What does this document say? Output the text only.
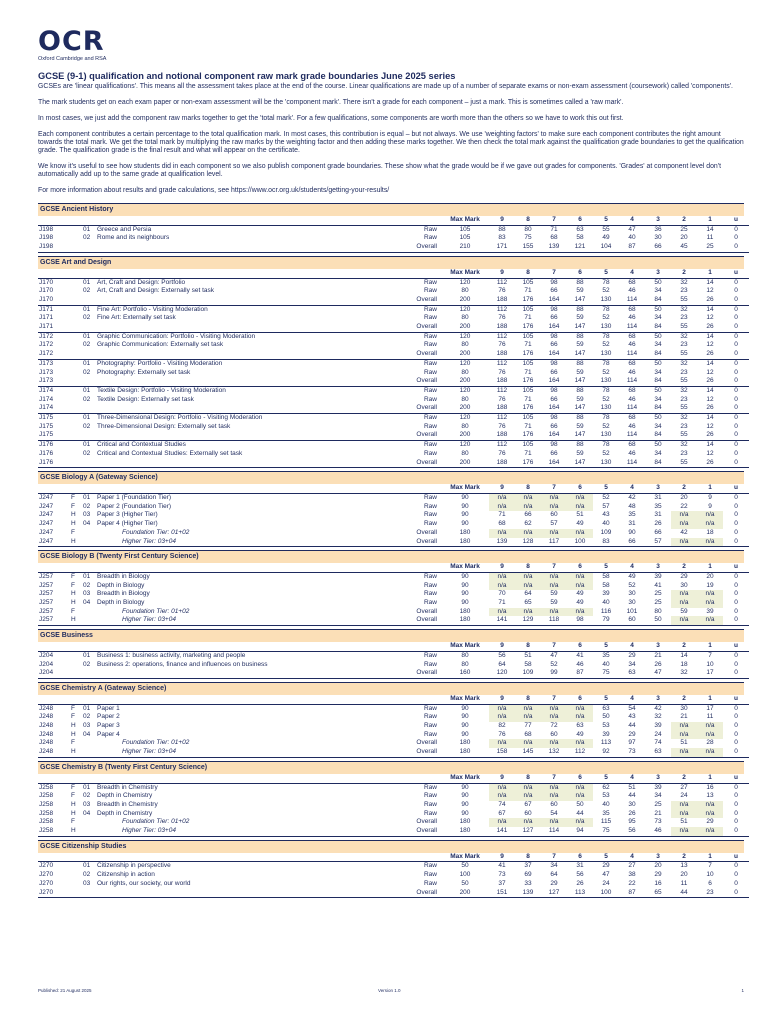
OCR
Oxford Cambridge and RSA
GCSE (9-1) qualification and notional component raw mark grade boundaries June 2025 series

GCSEs are 'linear qualifications'. This means all the assessment takes place at the end of the course. Linear qualifications are made up of a number of separate exams or non-exam assessment (coursework) called 'components'.

The mark students get on each exam paper or non-exam assessment will be the 'component mark'. There isn't a grade for each component – just a mark. This is sometimes called a 'raw mark'.

In most cases, we just add the component raw marks together to get the 'total mark'. For a few qualifications, some components are worth more than the others so we have to work this out first.

Each component contributes a certain percentage to the total qualification mark. In most cases, this contribution is equal – but not always. We use 'weighting factors' to make sure each component contributes the right amount towards the total mark. We get the total mark by multiplying the raw marks by the weighting factor and then adding these marks together. We then check the total mark against the qualification grade boundaries to get the qualification grade. The qualification grade is the final result and what will appear on the certificate.

We know it's useful to see how students did in each component so we also publish component grade boundaries. These show what the grade would be if we gave out grades for components. 'Grades' at component level don't automatically add up to the same grade at qualification level.

For more information about results and grade calculations, see https://www.ocr.org.uk/students/getting-your-results/

GCSE Ancient History
					Max Mark	9	8	7	6	5	4	3	2	1	u
J198		01	Greece and Persia	Raw	105	88	80	71	63	55	47	36	25	14	0
J198		02	Rome and its neighbours	Raw	105	83	75	68	58	49	40	30	20	11	0
J198				Overall	210	171	155	139	121	104	87	66	45	25	0
GCSE Art and Design
					Max Mark	9	8	7	6	5	4	3	2	1	u
J170		01	Art, Craft and Design: Portfolio	Raw	120	112	105	98	88	78	68	50	32	14	0
J170		02	Art, Craft and Design: Externally set task	Raw	80	76	71	66	59	52	46	34	23	12	0
J170				Overall	200	188	176	164	147	130	114	84	55	26	0
J171		01	Fine Art: Portfolio - Visiting Moderation	Raw	120	112	105	98	88	78	68	50	32	14	0
J171		02	Fine Art: Externally set task	Raw	80	76	71	66	59	52	46	34	23	12	0
J171				Overall	200	188	176	164	147	130	114	84	55	26	0
J172		01	Graphic Communication: Portfolio - Visiting Moderation	Raw	120	112	105	98	88	78	68	50	32	14	0
J172		02	Graphic Communication: Externally set task	Raw	80	76	71	66	59	52	46	34	23	12	0
J172				Overall	200	188	176	164	147	130	114	84	55	26	0
J173		01	Photography: Portfolio - Visiting Moderation	Raw	120	112	105	98	88	78	68	50	32	14	0
J173		02	Photography: Externally set task	Raw	80	76	71	66	59	52	46	34	23	12	0
J173				Overall	200	188	176	164	147	130	114	84	55	26	0
J174		01	Textile Design: Portfolio - Visiting Moderation	Raw	120	112	105	98	88	78	68	50	32	14	0
J174		02	Textile Design: Externally set task	Raw	80	76	71	66	59	52	46	34	23	12	0
J174				Overall	200	188	176	164	147	130	114	84	55	26	0
J175		01	Three-Dimensional Design: Portfolio - Visiting Moderation	Raw	120	112	105	98	88	78	68	50	32	14	0
J175		02	Three-Dimensional Design: Externally set task	Raw	80	76	71	66	59	52	46	34	23	12	0
J175				Overall	200	188	176	164	147	130	114	84	55	26	0
J176		01	Critical and Contextual Studies	Raw	120	112	105	98	88	78	68	50	32	14	0
J176		02	Critical and Contextual Studies: Externally set task	Raw	80	76	71	66	59	52	46	34	23	12	0
J176				Overall	200	188	176	164	147	130	114	84	55	26	0
GCSE Biology A (Gateway Science)
					Max Mark	9	8	7	6	5	4	3	2	1	u
J247	F	01	Paper 1 (Foundation Tier)	Raw	90	n/a	n/a	n/a	n/a	52	42	31	20	9	0
J247	F	02	Paper 2 (Foundation Tier)	Raw	90	n/a	n/a	n/a	n/a	57	48	35	22	9	0
J247	H	03	Paper 3 (Higher Tier)	Raw	90	71	66	60	51	43	35	31	n/a	n/a	0
J247	H	04	Paper 4 (Higher Tier)	Raw	90	68	62	57	49	40	31	26	n/a	n/a	0
J247	F		Foundation Tier: 01+02	Overall	180	n/a	n/a	n/a	n/a	109	90	66	42	18	0
J247	H		Higher Tier: 03+04	Overall	180	139	128	117	100	83	66	57	n/a	n/a	0
GCSE Biology B (Twenty First Century Science)
					Max Mark	9	8	7	6	5	4	3	2	1	u
J257	F	01	Breadth in Biology	Raw	90	n/a	n/a	n/a	n/a	58	49	39	29	20	0
J257	F	02	Depth in Biology	Raw	90	n/a	n/a	n/a	n/a	58	52	41	30	19	0
J257	H	03	Breadth in Biology	Raw	90	70	64	59	49	39	30	25	n/a	n/a	0
J257	H	04	Depth in Biology	Raw	90	71	65	59	49	40	30	25	n/a	n/a	0
J257	F		Foundation Tier: 01+02	Overall	180	n/a	n/a	n/a	n/a	116	101	80	59	39	0
J257	H		Higher Tier: 03+04	Overall	180	141	129	118	98	79	60	50	n/a	n/a	0
GCSE Business
					Max Mark	9	8	7	6	5	4	3	2	1	u
J204		01	Business 1: business activity, marketing and people	Raw	80	56	51	47	41	35	29	21	14	7	0
J204		02	Business 2: operations, finance and influences on business	Raw	80	64	58	52	46	40	34	26	18	10	0
J204				Overall	160	120	109	99	87	75	63	47	32	17	0
GCSE Chemistry A (Gateway Science)
					Max Mark	9	8	7	6	5	4	3	2	1	u
J248	F	01	Paper 1	Raw	90	n/a	n/a	n/a	n/a	63	54	42	30	17	0
J248	F	02	Paper 2	Raw	90	n/a	n/a	n/a	n/a	50	43	32	21	11	0
J248	H	03	Paper 3	Raw	90	82	77	72	63	53	44	39	n/a	n/a	0
J248	H	04	Paper 4	Raw	90	76	68	60	49	39	29	24	n/a	n/a	0
J248	F		Foundation Tier: 01+02	Overall	180	n/a	n/a	n/a	n/a	113	97	74	51	28	0
J248	H		Higher Tier: 03+04	Overall	180	158	145	132	112	92	73	63	n/a	n/a	0
GCSE Chemistry B (Twenty First Century Science)
					Max Mark	9	8	7	6	5	4	3	2	1	u
J258	F	01	Breadth in Chemistry	Raw	90	n/a	n/a	n/a	n/a	62	51	39	27	16	0
J258	F	02	Depth in Chemistry	Raw	90	n/a	n/a	n/a	n/a	53	44	34	24	13	0
J258	H	03	Breadth in Chemistry	Raw	90	74	67	60	50	40	30	25	n/a	n/a	0
J258	H	04	Depth in Chemistry	Raw	90	67	60	54	44	35	26	21	n/a	n/a	0
J258	F		Foundation Tier: 01+02	Overall	180	n/a	n/a	n/a	n/a	115	95	73	51	29	0
J258	H		Higher Tier: 03+04	Overall	180	141	127	114	94	75	56	46	n/a	n/a	0
GCSE Citizenship Studies
					Max Mark	9	8	7	6	5	4	3	2	1	u
J270		01	Citizenship in perspective	Raw	50	41	37	34	31	29	27	20	13	7	0
J270		02	Citizenship in action	Raw	100	73	69	64	56	47	38	29	20	10	0
J270		03	Our rights, our society, our world	Raw	50	37	33	29	26	24	22	16	11	6	0
J270				Overall	200	151	139	127	113	100	87	65	44	23	0
Published: 21 August 2025	Version 1.0	1
